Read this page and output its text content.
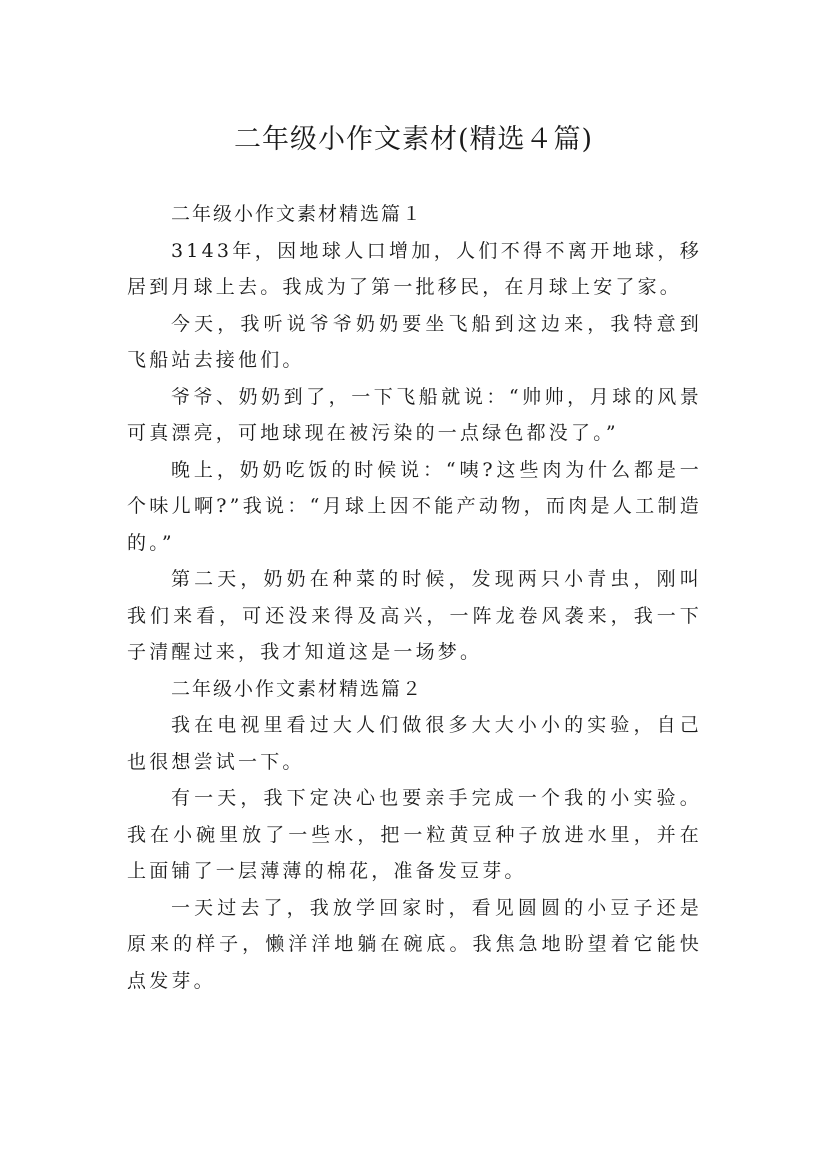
二年级小作文素材(精选４篇)

二年级小作文素材精选篇１

3143年，因地球人口增加，人们不得不离开地球，移居到月球上去。我成为了第一批移民，在月球上安了家。

今天，我听说爷爷奶奶要坐飞船到这边来，我特意到飞船站去接他们。

爷爷、奶奶到了，一下飞船就说：“帅帅，月球的风景可真漂亮，可地球现在被污染的一点绿色都没了。”

晚上，奶奶吃饭的时候说：“咦?这些肉为什么都是一个味儿啊?”我说：“月球上因不能产动物，而肉是人工制造的。”

第二天，奶奶在种菜的时候，发现两只小青虫，刚叫我们来看，可还没来得及高兴，一阵龙卷风袭来，我一下子清醒过来，我才知道这是一场梦。

二年级小作文素材精选篇２

我在电视里看过大人们做很多大大小小的实验，自己也很想尝试一下。

有一天，我下定决心也要亲手完成一个我的小实验。我在小碗里放了一些水，把一粒黄豆种子放进水里，并在上面铺了一层薄薄的棉花，准备发豆芽。

一天过去了，我放学回家时，看见圆圆的小豆子还是原来的样子，懒洋洋地躺在碗底。我焦急地盼望着它能快点发芽。
